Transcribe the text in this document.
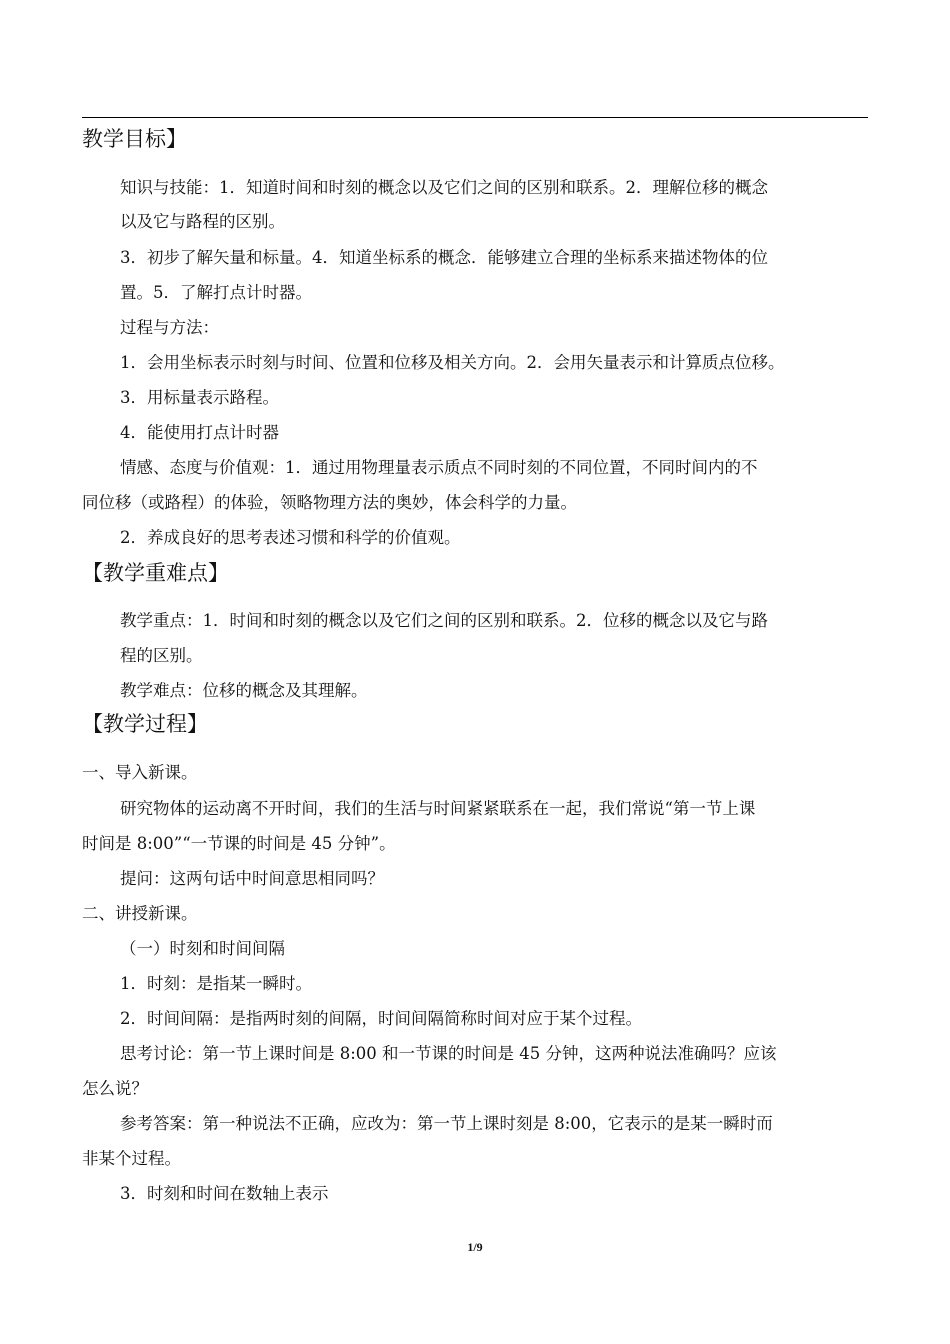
教学目标】
知识与技能：1．知道时间和时刻的概念以及它们之间的区别和联系。2．理解位移的概念
以及它与路程的区别。
3．初步了解矢量和标量。4．知道坐标系的概念．能够建立合理的坐标系来描述物体的位
置。5．了解打点计时器。
过程与方法：
1．会用坐标表示时刻与时间、位置和位移及相关方向。2．会用矢量表示和计算质点位移。
3．用标量表示路程。
4．能使用打点计时器
情感、态度与价值观：1．通过用物理量表示质点不同时刻的不同位置，不同时间内的不
同位移（或路程）的体验，领略物理方法的奥妙，体会科学的力量。
2．养成良好的思考表述习惯和科学的价值观。
【教学重难点】
教学重点：1．时间和时刻的概念以及它们之间的区别和联系。2．位移的概念以及它与路
程的区别。
教学难点：位移的概念及其理解。
【教学过程】
一、导入新课。
研究物体的运动离不开时间，我们的生活与时间紧紧联系在一起，我们常说“第一节上课
时间是 8:00”“一节课的时间是 45 分钟”。
提问：这两句话中时间意思相同吗？
二、讲授新课。
（一）时刻和时间间隔
1．时刻：是指某一瞬时。
2．时间间隔：是指两时刻的间隔，时间间隔简称时间对应于某个过程。
思考讨论：第一节上课时间是 8:00 和一节课的时间是 45 分钟，这两种说法准确吗？应该
怎么说？
参考答案：第一种说法不正确，应改为：第一节上课时刻是 8:00，它表示的是某一瞬时而
非某个过程。
3．时刻和时间在数轴上表示
1/9
